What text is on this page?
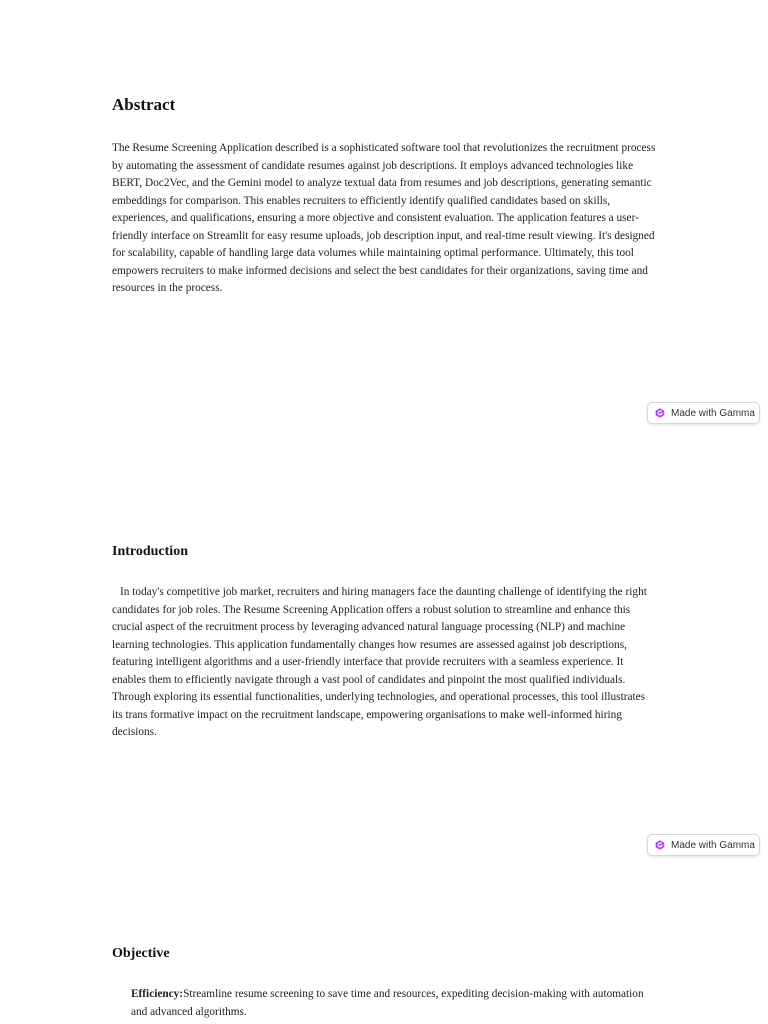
Abstract

The Resume Screening Application described is a sophisticated software tool that revolutionizes the recruitment process by automating the assessment of candidate resumes against job descriptions. It employs advanced technologies like BERT, Doc2Vec, and the Gemini model to analyze textual data from resumes and job descriptions, generating semantic embeddings for comparison. This enables recruiters to efficiently identify qualified candidates based on skills, experiences, and qualifications, ensuring a more objective and consistent evaluation. The application features a user-friendly interface on Streamlit for easy resume uploads, job description input, and real-time result viewing. It's designed for scalability, capable of handling large data volumes while maintaining optimal performance. Ultimately, this tool empowers recruiters to make informed decisions and select the best candidates for their organizations, saving time and resources in the process.

Made with Gamma
Introduction

In today's competitive job market, recruiters and hiring managers face the daunting challenge of identifying the right candidates for job roles. The Resume Screening Application offers a robust solution to streamline and enhance this crucial aspect of the recruitment process by leveraging advanced natural language processing (NLP) and machine learning technologies. This application fundamentally changes how resumes are assessed against job descriptions, featuring intelligent algorithms and a user-friendly interface that provide recruiters with a seamless experience. It enables them to efficiently navigate through a vast pool of candidates and pinpoint the most qualified individuals. Through exploring its essential functionalities, underlying technologies, and operational processes, this tool illustrates its trans formative impact on the recruitment landscape, empowering organisations to make well-informed hiring decisions.

Made with Gamma
Objective
Efficiency:Streamline resume screening to save time and resources, expediting decision-making with automation and advanced algorithms.
